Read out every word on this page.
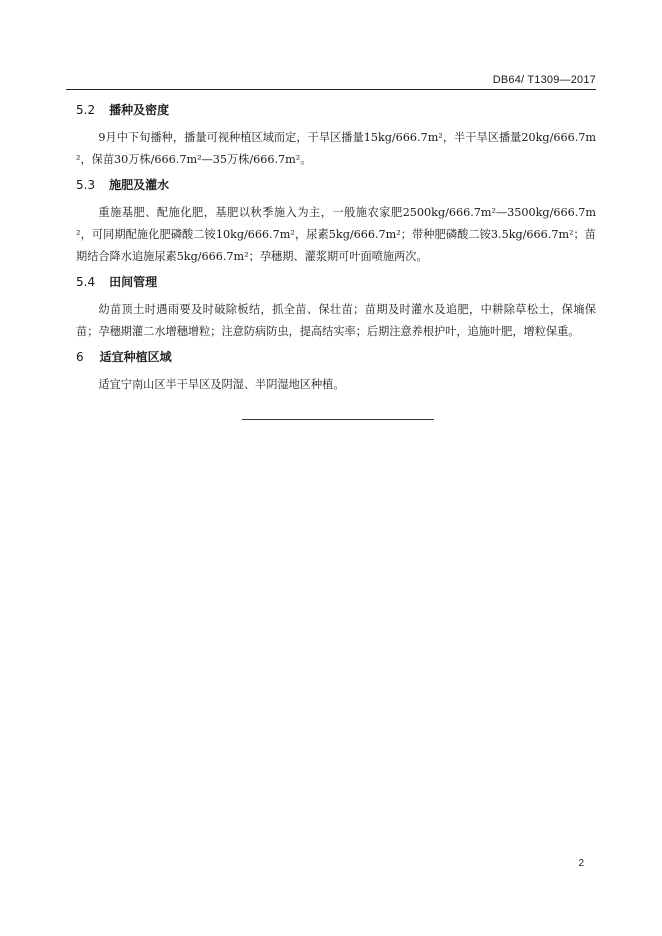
DB64/ T1309—2017
5.2 播种及密度

9月中下旬播种，播量可视种植区域而定，干旱区播量15kg/666.7m²，半干旱区播量20kg/666.7m²，保苗30万株/666.7m²—35万株/666.7m²。

5.3 施肥及灌水

重施基肥、配施化肥，基肥以秋季施入为主，一般施农家肥2500kg/666.7m²—3500kg/666.7m²，可同期配施化肥磷酸二铵10kg/666.7m²，尿素5kg/666.7m²；带种肥磷酸二铵3.5kg/666.7m²；苗期结合降水追施尿素5kg/666.7m²；孕穗期、灌浆期可叶面喷施两次。

5.4 田间管理

幼苗顶土时遇雨要及时破除板结，抓全苗、保壮苗；苗期及时灌水及追肥，中耕除草松土，保墒保苗；孕穗期灌二水增穗增粒；注意防病防虫，提高结实率；后期注意养根护叶，追施叶肥，增粒保重。

6 适宜种植区域

适宜宁南山区半干旱区及阴湿、半阴湿地区种植。

2
